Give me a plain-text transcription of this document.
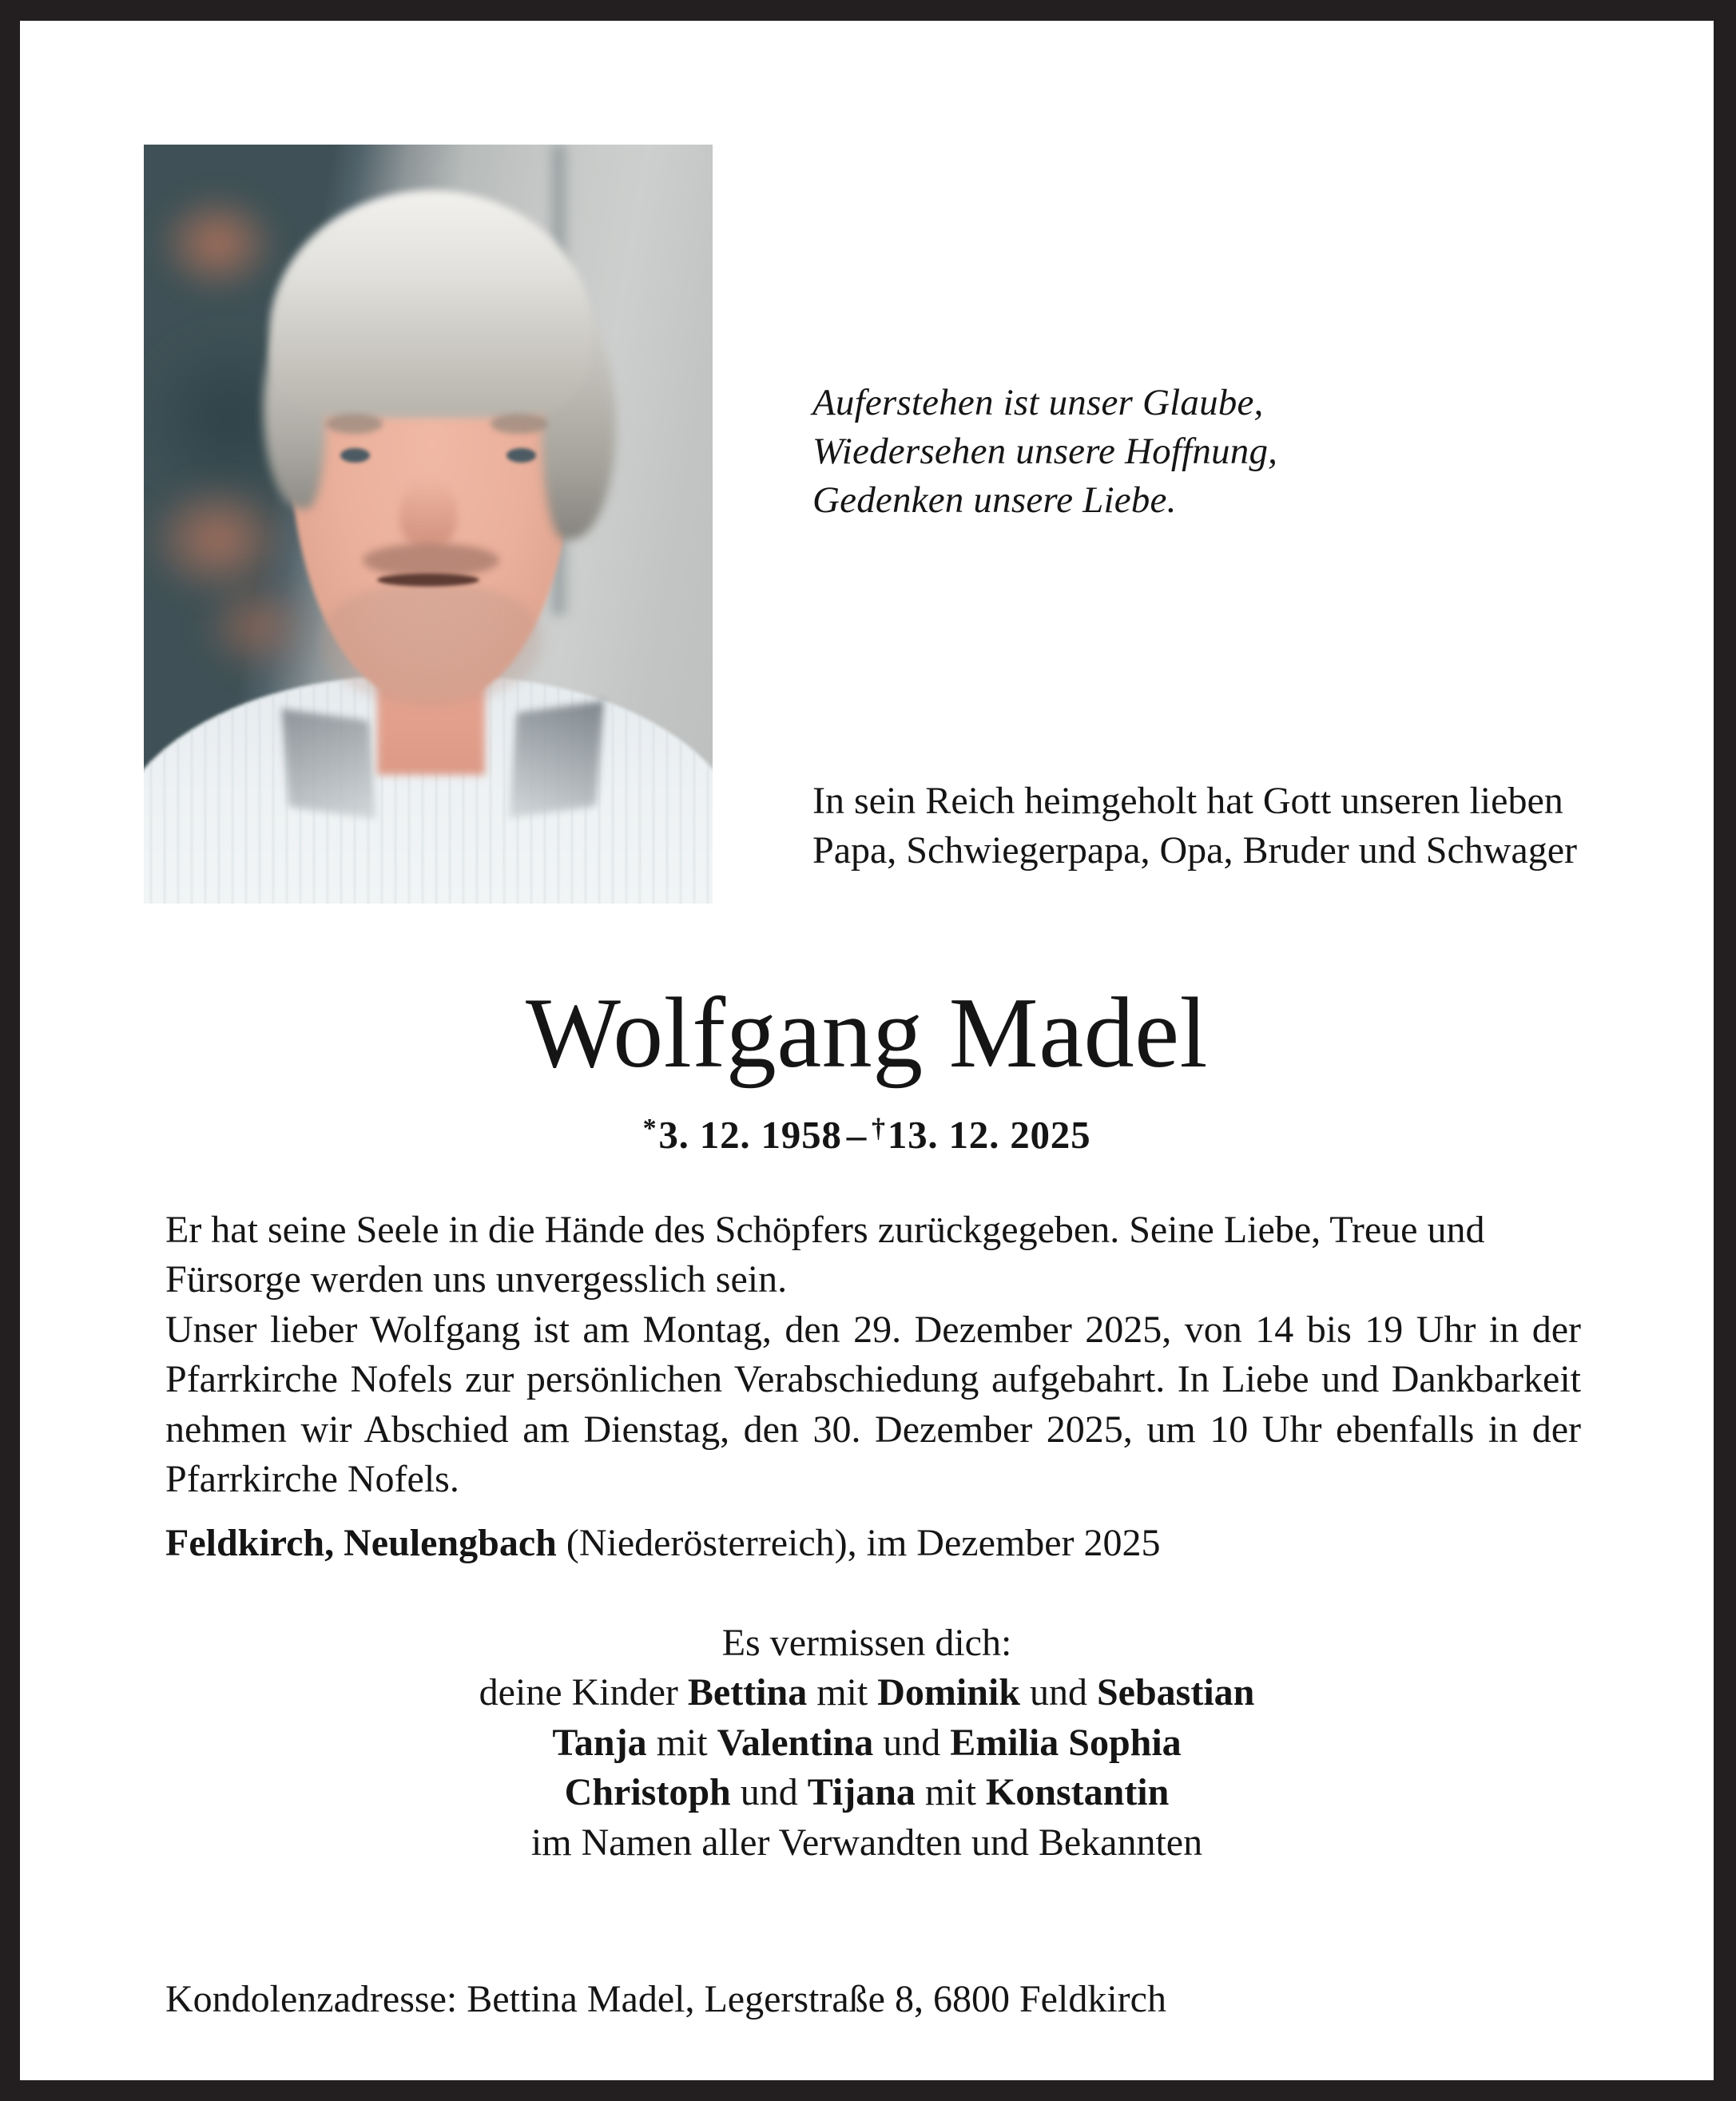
Auferstehen ist unser Glaube,
Wiedersehen unsere Hoffnung,
Gedenken unsere Liebe.
In sein Reich heimgeholt hat Gott unseren lieben Papa, Schwiegerpapa, Opa, Bruder und Schwager
Wolfgang Madel
*3. 12. 1958 – †13. 12. 2025
Er hat seine Seele in die Hände des Schöpfers zurückgegeben. Seine Liebe, Treue und Fürsorge werden uns unvergesslich sein.
Unser lieber Wolfgang ist am Montag, den 29. Dezember 2025, von 14 bis 19 Uhr in der Pfarrkirche Nofels zur persönlichen Verabschiedung aufgebahrt. In Liebe und Dankbarkeit nehmen wir Abschied am Dienstag, den 30. Dezember 2025, um 10 Uhr ebenfalls in der Pfarrkirche Nofels.
Feldkirch, Neulengbach (Niederösterreich), im Dezember 2025
Es vermissen dich:
deine Kinder Bettina mit Dominik und Sebastian
Tanja mit Valentina und Emilia Sophia
Christoph und Tijana mit Konstantin
im Namen aller Verwandten und Bekannten
Kondolenzadresse: Bettina Madel, Legerstraße 8, 6800 Feldkirch
